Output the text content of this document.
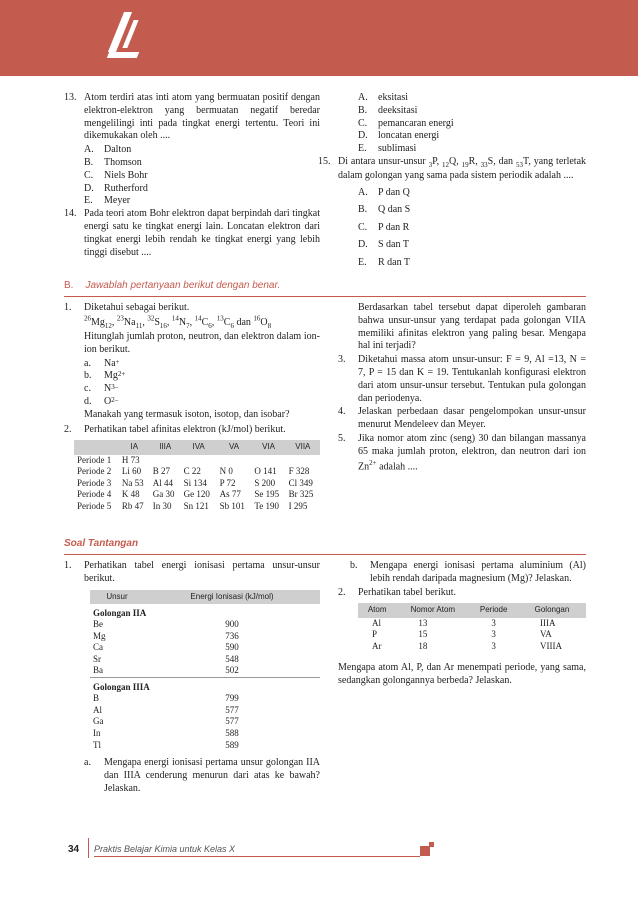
13. Atom terdiri atas inti atom yang bermuatan positif dengan elektron-elektron yang bermuatan negatif beredar mengelilingi inti pada tingkat energi tertentu. Teori ini dikemukakan oleh ....
A.	Dalton
B.	Thomson
C.	Niels Bohr
D.	Rutherford
E.	Meyer
14. Pada teori atom Bohr elektron dapat berpindah dari tingkat energi satu ke tingkat energi lain. Loncatan elektron dari tingkat energi lebih rendah ke tingkat energi yang lebih tinggi disebut ....
A.	eksitasi
B.	deeksitasi
C.	pemancaran energi
D.	loncatan energi
E.	sublimasi
15. Di antara unsur-unsur $_3$P, $_{12}$Q, $_{19}$R, $_{33}$S, dan $_{53}$T, yang terletak dalam golongan yang sama pada sistem periodik adalah ....
A.	P dan Q
B.	Q dan S
C.	P dan R
D.	S dan T
E.	R dan T
B. Jawablah pertanyaan berikut dengan benar.
1.	Diketahui sebagai berikut.
$^{26}Mg_{12}$, $^{23}Na_{11}$, $^{32}S_{16}$, $^{14}N_7$, $^{14}C_6$, $^{13}C_6$ dan $^{16}O_8$
Hitunglah jumlah proton, neutron, dan elektron dalam ion-ion berikut.
a.	Na +
b.	Mg 2+
c.	N 3–
d.	O 2–
Manakah yang termasuk isoton, isotop, dan isobar?
2.	Perhatikan tabel afinitas elektron (kJ/mol) berikut.
	IA	IIIA	IVA	VA	VIA	VIIA
Periode 1	H 73					
Periode 2	Li 60	B 27	C 22	N 0	O 141	F 328
Periode 3	Na 53	Al 44	Si 134	P 72	S 200	Cl 349
Periode 4	K 48	Ga 30	Ge 120	As 77	Se 195	Br 325
Periode 5	Rb 47	In 30	Sn 121	Sb 101	Te 190	I 295
Berdasarkan tabel tersebut dapat diperoleh gambaran bahwa unsur-unsur yang terdapat pada golongan VIIA memiliki afinitas elektron yang paling besar. Mengapa hal ini terjadi?
3.	Diketahui massa atom unsur-unsur: F = 9, Al =13, N = 7, P = 15 dan K = 19. Tentukanlah konfigurasi elektron dari atom unsur-unsur tersebut. Tentukan pula golongan dan periodenya.
4.	Jelaskan perbedaan dasar pengelompokan unsur-unsur menurut Mendeleev dan Meyer.
5.	Jika nomor atom zinc (seng) 30 dan bilangan massanya 65 maka jumlah proton, elektron, dan neutron dari ion $Zn^{2+}$ adalah ....
Soal Tantangan
1.	Perhatikan tabel energi ionisasi pertama unsur-unsur berikut.
Unsur	Energi Ionisasi (kJ/mol)
Golongan IIA	
Be	900
Mg	736
Ca	590
Sr	548
Ba	502
Golongan IIIA	
B	799
Al	577
Ga	577
In	588
Tl	589
a.	Mengapa energi ionisasi pertama unsur golongan IIA dan IIIA cenderung menurun dari atas ke bawah? Jelaskan.
b.	Mengapa energi ionisasi pertama aluminium (Al) lebih rendah daripada magnesium (Mg)? Jelaskan.
2.	Perhatikan tabel berikut.
Atom	Nomor Atom	Periode	Golongan
Al	13	3	IIIA
P	15	3	VA
Ar	18	3	VIIIA
Mengapa atom Al, P, dan Ar menempati periode, yang sama, sedangkan golongannya berbeda? Jelaskan.
34 Praktis Belajar Kimia untuk Kelas X
